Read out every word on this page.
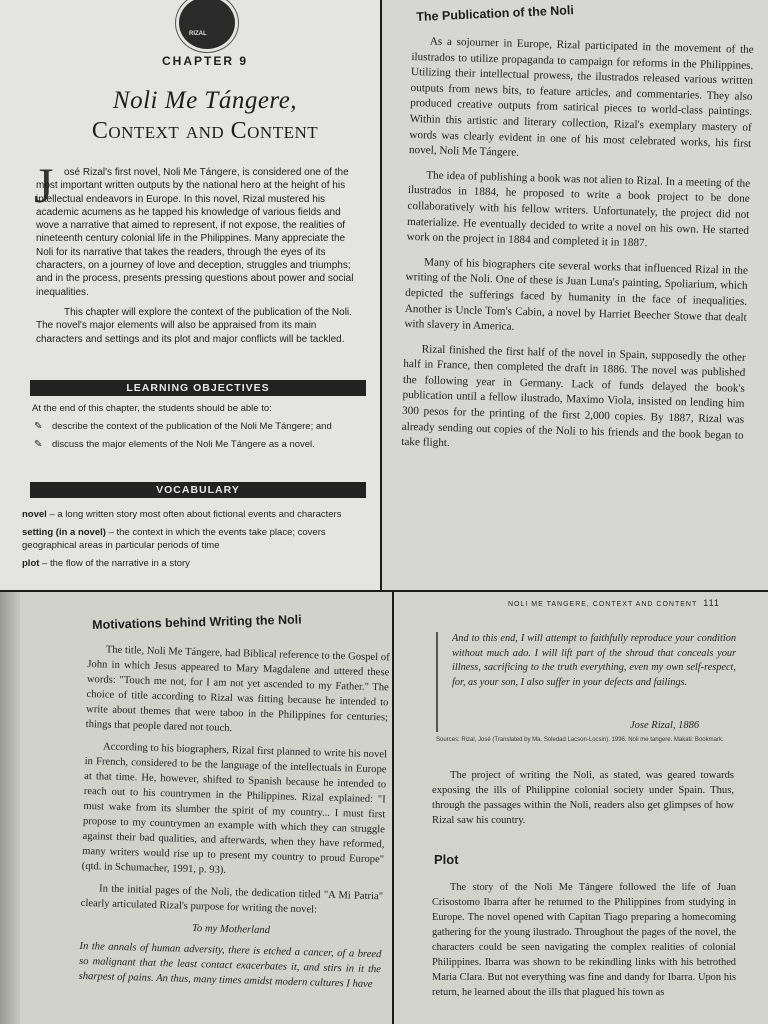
RIZAL
CHAPTER 9
Noli Me Tángere,
Context and Content
J	osé Rizal's first novel, Noli Me Tángere, is considered one of the most important written outputs by the national hero at the height of his intellectual endeavors in Europe. In this novel, Rizal mustered his academic acumens as he tapped his knowledge of various fields and wove a narrative that aimed to represent, if not expose, the realities of nineteenth century colonial life in the Philippines. Many appreciate the Noli for its narrative that takes the readers, through the eyes of its characters, on a journey of love and deception, struggles and triumphs; and in the process, presents pressing questions about power and social inequalities.

This chapter will explore the context of the publication of the Noli. The novel's major elements will also be appraised from its main characters and settings and its plot and major conflicts will be tackled.

LEARNING OBJECTIVES
At the end of this chapter, the students should be able to:
✎ describe the context of the publication of the Noli Me Tángere; and
✎ discuss the major elements of the Noli Me Tángere as a novel.
VOCABULARY

novel – a long written story most often about fictional events and characters

setting (in a novel) – the context in which the events take place; covers geographical areas in particular periods of time

plot – the flow of the narrative in a story

The Publication of the Noli

As a sojourner in Europe, Rizal participated in the movement of the ilustrados to utilize propaganda to campaign for reforms in the Philippines. Utilizing their intellectual prowess, the ilustrados released various written outputs from news bits, to feature articles, and commentaries. They also produced creative outputs from satirical pieces to world-class paintings. Within this artistic and literary collection, Rizal's exemplary mastery of words was clearly evident in one of his most celebrated works, his first novel, Noli Me Tángere.

The idea of publishing a book was not alien to Rizal. In a meeting of the ilustrados in 1884, he proposed to write a book project to be done collaboratively with his fellow writers. Unfortunately, the project did not materialize. He eventually decided to write a novel on his own. He started work on the project in 1884 and completed it in 1887.

Many of his biographers cite several works that influenced Rizal in the writing of the Noli. One of these is Juan Luna's painting, Spoliarium, which depicted the sufferings faced by humanity in the face of inequalities. Another is Uncle Tom's Cabin, a novel by Harriet Beecher Stowe that dealt with slavery in America.

Rizal finished the first half of the novel in Spain, supposedly the other half in France, then completed the draft in 1886. The novel was published the following year in Germany. Lack of funds delayed the book's publication until a fellow ilustrado, Maximo Viola, insisted on lending him 300 pesos for the printing of the first 2,000 copies. By 1887, Rizal was already sending out copies of the Noli to his friends and the book began to take flight.

Motivations behind Writing the Noli

The title, Noli Me Tángere, had Biblical reference to the Gospel of John in which Jesus appeared to Mary Magdalene and uttered these words: "Touch me not, for I am not yet ascended to my Father." The choice of title according to Rizal was fitting because he intended to write about themes that were taboo in the Philippines for centuries; things that people dared not touch.

According to his biographers, Rizal first planned to write his novel in French, considered to be the language of the intellectuals in Europe at that time. He, however, shifted to Spanish because he intended to reach out to his countrymen in the Philippines. Rizal explained: "I must wake from its slumber the spirit of my country... I must first propose to my countrymen an example with which they can struggle against their bad qualities, and afterwards, when they have reformed, many writers would rise up to present my country to proud Europe" (qtd. in Schumacher, 1991, p. 93).

In the initial pages of the Noli, the dedication titled "A Mi Patria" clearly articulated Rizal's purpose for writing the novel:

To my Motherland

In the annals of human adversity, there is etched a cancer, of a breed so malignant that the least contact exacerbates it, and stirs in it the sharpest of pains. An thus, many times amidst modern cultures I have

NOLI ME TANGERE, CONTEXT AND CONTENT 111
And to this end, I will attempt to faithfully reproduce your condition without much ado. I will lift part of the shroud that conceals your illness, sacrificing to the truth everything, even my own self-respect, for, as your son, I also suffer in your defects and failings.
Jose Rizal, 1886
Sources: Rizal, José (Translated by Ma. Soledad Lacson-Locsin). 1996. Noli me tangere. Makati: Bookmark.

The project of writing the Noli, as stated, was geared towards exposing the ills of Philippine colonial society under Spain. Thus, through the passages within the Noli, readers also get glimpses of how Rizal saw his country.

Plot

The story of the Noli Me Tángere followed the life of Juan Crisostomo Ibarra after he returned to the Philippines from studying in Europe. The novel opened with Capitan Tiago preparing a homecoming gathering for the young ilustrado. Throughout the pages of the novel, the characters could be seen navigating the complex realities of colonial Philippines. Ibarra was shown to be rekindling links with his betrothed Maria Clara. But not everything was fine and dandy for Ibarra. Upon his return, he learned about the ills that plagued his town as
